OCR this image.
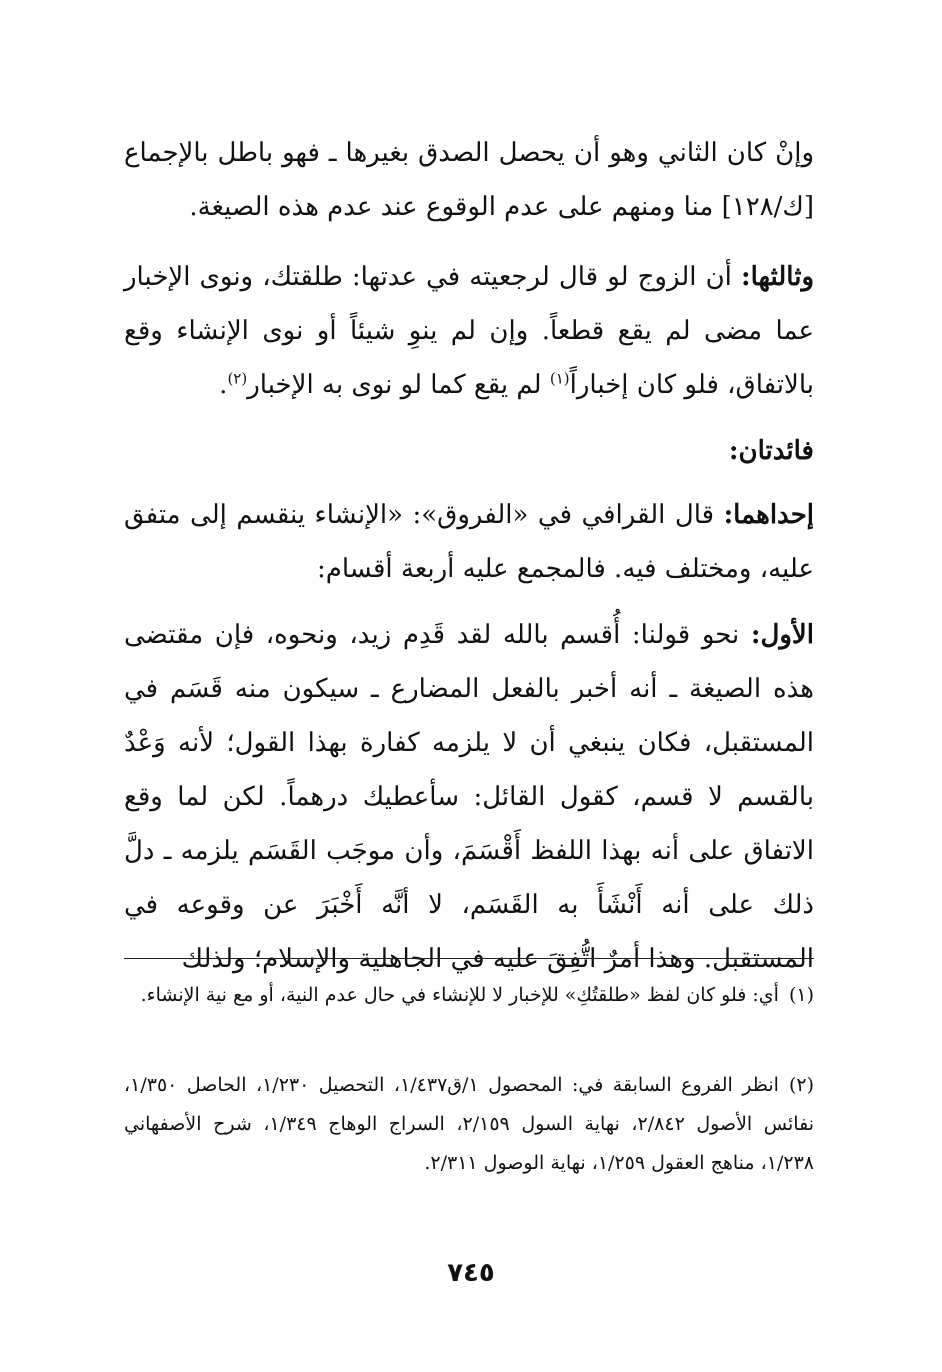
وإنْ كان الثاني وهو أن يحصل الصدق بغيرها ـ فهو باطل بالإجماع [ك/١٢٨] منا ومنهم على عدم الوقوع عند عدم هذه الصيغة.

وثالثها: أن الزوج لو قال لرجعيته في عدتها: طلقتك، ونوى الإخبار عما مضى لم يقع قطعاً. وإن لم ينوِ شيئاً أو نوى الإنشاء وقع بالاتفاق، فلو كان إخباراً$^{(١)}$ لم يقع كما لو نوى به الإخبار$^{(٢)}$.

فائدتان:

إحداهما: قال القرافي في «الفروق»: «الإنشاء ينقسم إلى متفق عليه، ومختلف فيه. فالمجمع عليه أربعة أقسام:

الأول: نحو قولنا: أُقسم بالله لقد قَدِم زيد، ونحوه، فإن مقتضى هذه الصيغة ـ أنه أخبر بالفعل المضارع ـ سيكون منه قَسَم في المستقبل، فكان ينبغي أن لا يلزمه كفارة بهذا القول؛ لأنه وَعْدٌ بالقسم لا قسم، كقول القائل: سأعطيك درهماً. لكن لما وقع الاتفاق على أنه بهذا اللفظ أَقْسَمَ، وأن موجَب القَسَم يلزمه ـ دلَّ ذلك على أنه أَنْشَأَ به القَسَم، لا أنَّه أَخْبَرَ عن وقوعه في المستقبل. وهذا أمرٌ اتُّفِقَ عليه في الجاهلية والإسلام؛ ولذلك

(١)أي: فلو كان لفظ «طلقتُكِ» للإخبار لا للإنشاء في حال عدم النية، أو مع نية الإنشاء.

(٢)انظر الفروع السابقة في: المحصول ١/ق١/٤٣٧، التحصيل ١/٢٣٠، الحاصل ١/٣٥٠، نفائس الأصول ٢/٨٤٢، نهاية السول ٢/١٥٩، السراج الوهاج ١/٣٤٩، شرح الأصفهاني ١/٢٣٨، مناهج العقول ١/٢٥٩، نهاية الوصول ٢/٣١١.

٧٤٥
